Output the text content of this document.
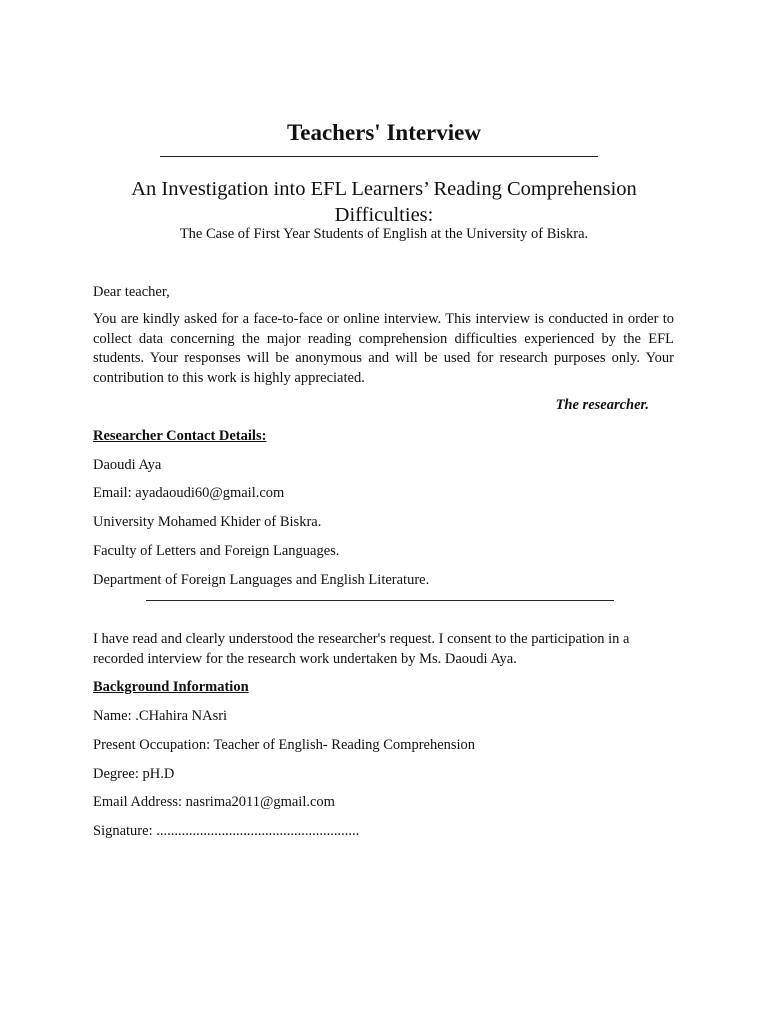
Teachers' Interview

An Investigation into EFL Learners’ Reading Comprehension Difficulties:

The Case of First Year Students of English at the University of Biskra.

Dear teacher,

You are kindly asked for a face-to-face or online interview. This interview is conducted in order to collect data concerning the major reading comprehension difficulties experienced by the EFL students. Your responses will be anonymous and will be used for research purposes only. Your contribution to this work is highly appreciated.

The researcher.

Researcher Contact Details:

Daoudi Aya

Email: ayadaoudi60@gmail.com

University Mohamed Khider of Biskra.

Faculty of Letters and Foreign Languages.

Department of Foreign Languages and English Literature.

I have read and clearly understood the researcher's request. I consent to the participation in a recorded interview for the research work undertaken by Ms. Daoudi Aya.

Background Information

Name: .CHahira NAsri

Present Occupation: Teacher of English- Reading Comprehension

Degree: pH.D

Email Address: nasrima2011@gmail.com

Signature: ........................................................
